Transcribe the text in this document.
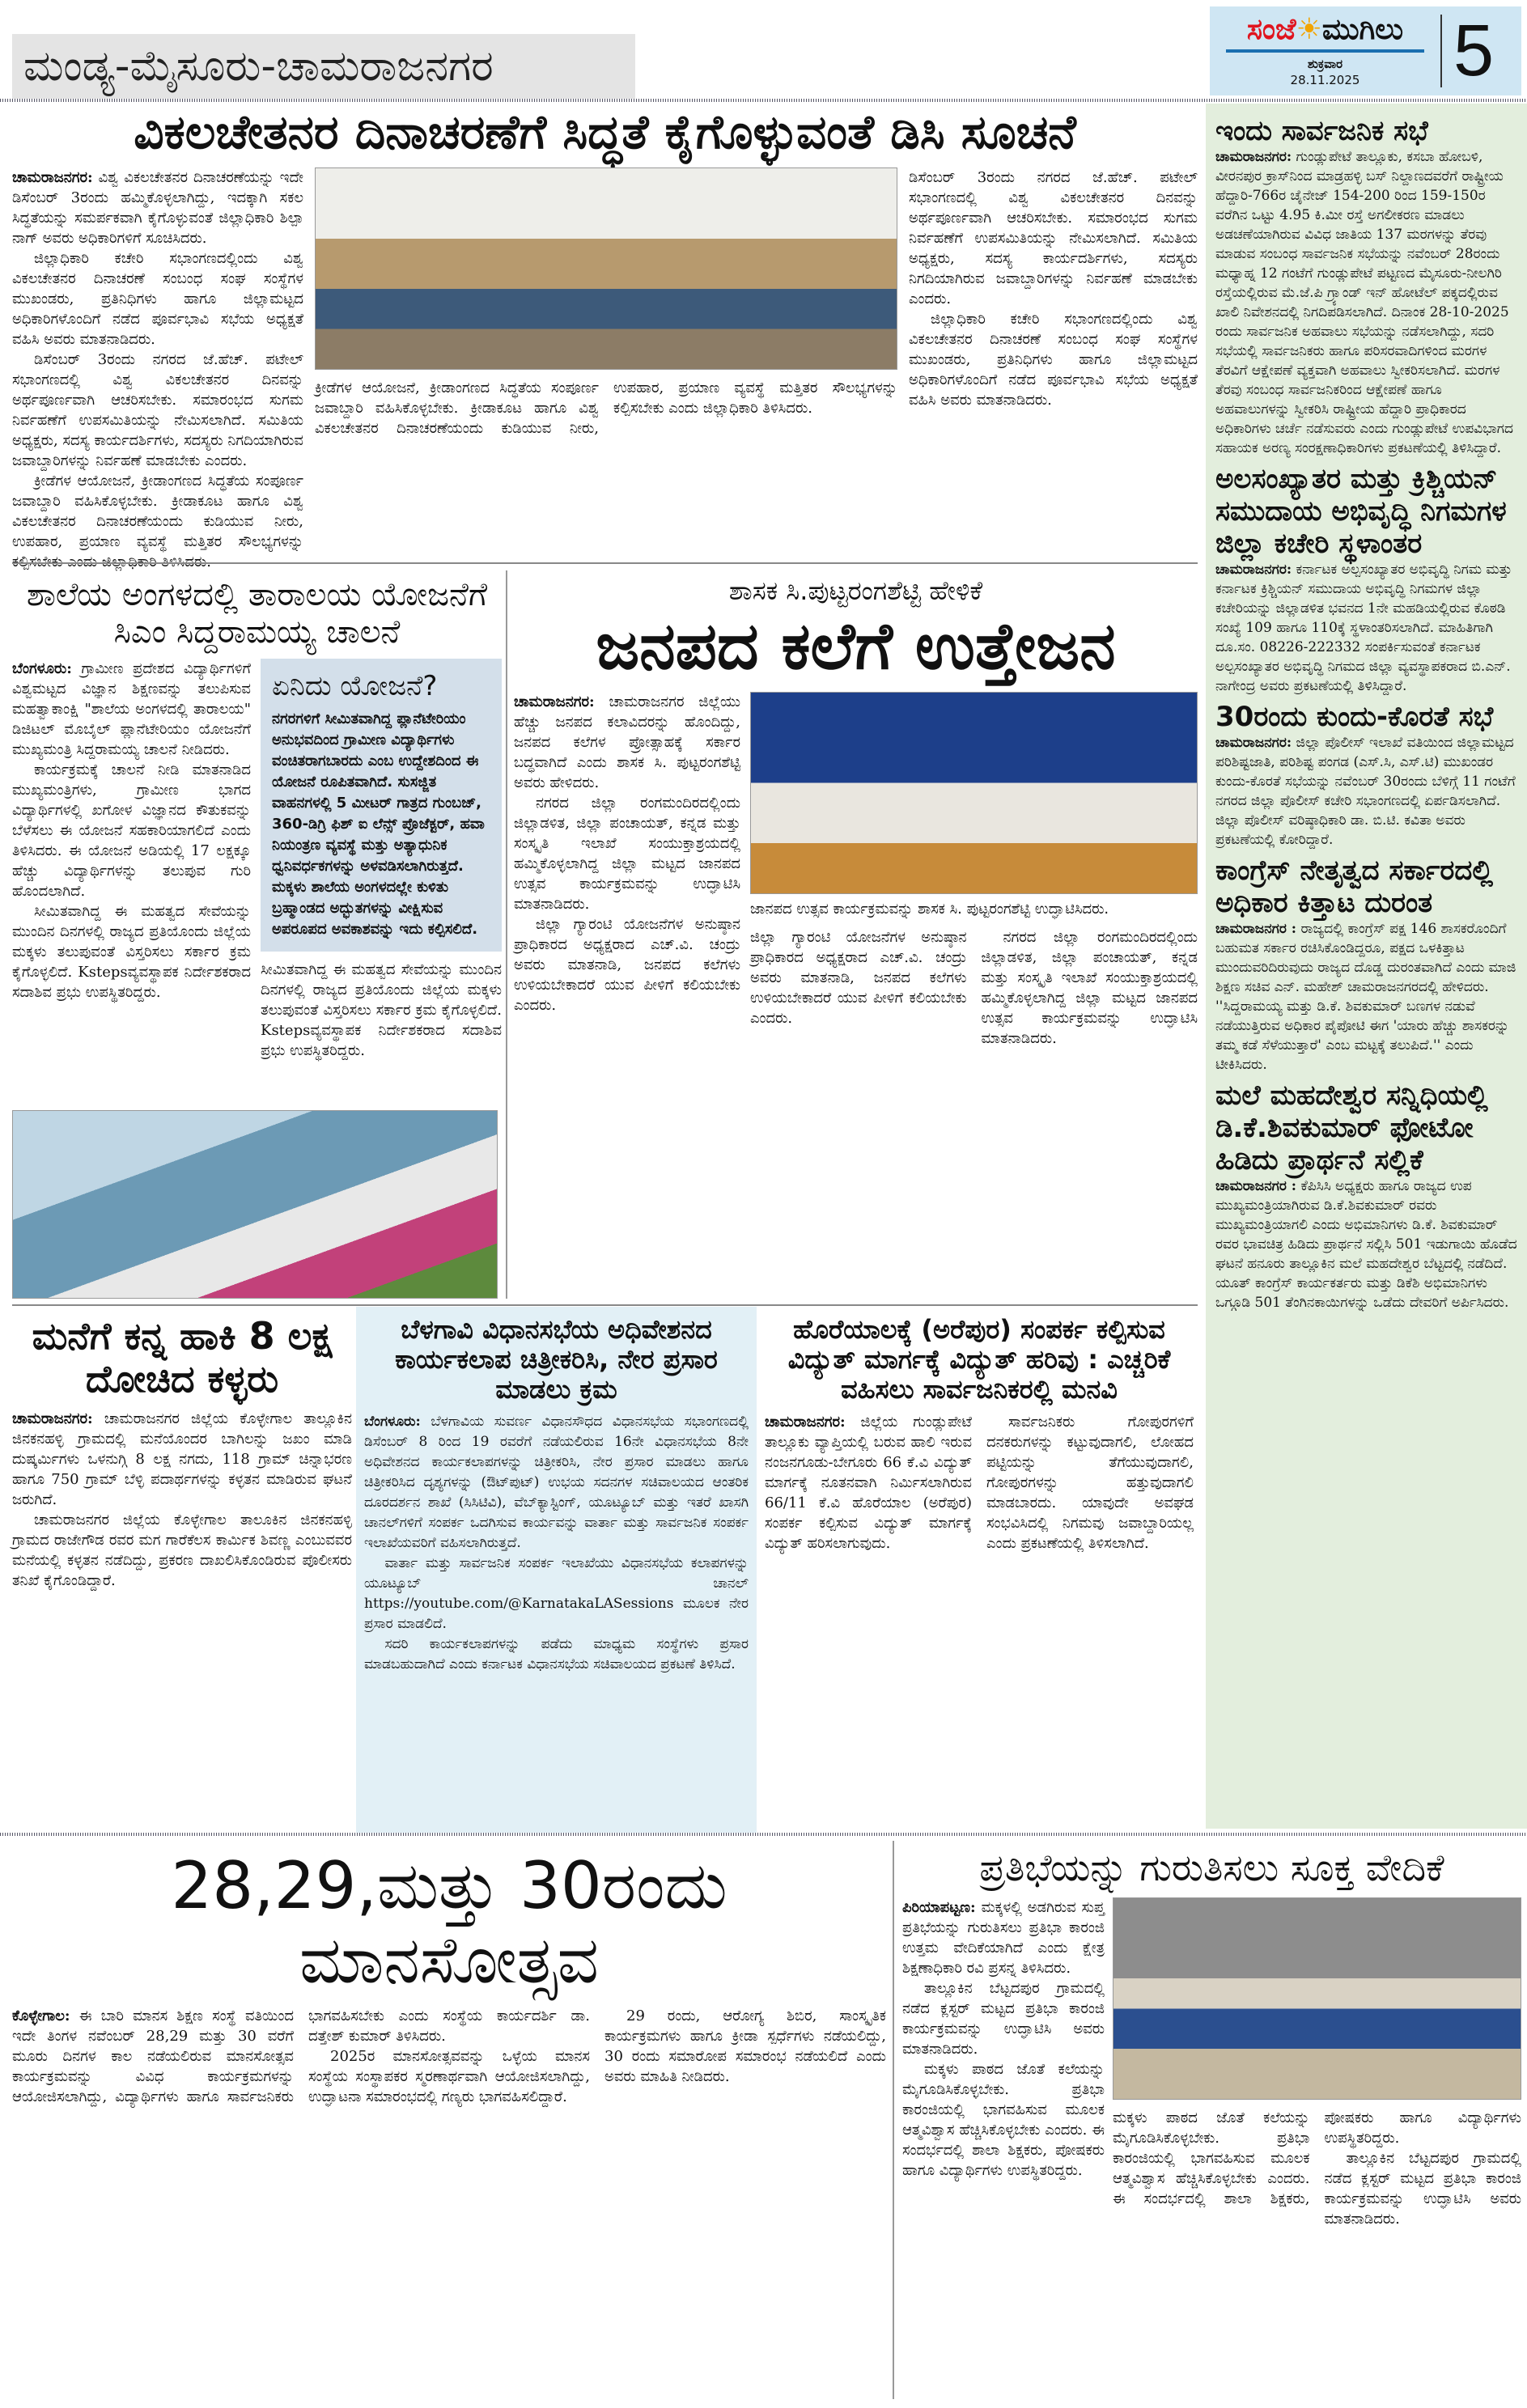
ಮಂಡ್ಯ-ಮೈಸೂರು-ಚಾಮರಾಜನಗರ
ಸಂಜೆ☀ಮುಗಿಲು
ಶುಕ್ರವಾರ
28.11.2025	5
ವಿಕಲಚೇತನರ ದಿನಾಚರಣೆಗೆ ಸಿದ್ಧತೆ ಕೈಗೊಳ್ಳುವಂತೆ ಡಿಸಿ ಸೂಚನೆ

ಚಾಮರಾಜನಗರ: ವಿಶ್ವ ವಿಕಲಚೇತನರ ದಿನಾಚರಣೆಯನ್ನು ಇದೇ ಡಿಸೆಂಬರ್ 3ರಂದು ಹಮ್ಮಿಕೊಳ್ಳಲಾಗಿದ್ದು, ಇದಕ್ಕಾಗಿ ಸಕಲ ಸಿದ್ಧತೆಯನ್ನು ಸಮರ್ಪಕವಾಗಿ ಕೈಗೊಳ್ಳುವಂತೆ ಜಿಲ್ಲಾಧಿಕಾರಿ ಶಿಲ್ಪಾ ನಾಗ್ ಅವರು ಅಧಿಕಾರಿಗಳಿಗೆ ಸೂಚಿಸಿದರು.

ಜಿಲ್ಲಾಧಿಕಾರಿ ಕಚೇರಿ ಸಭಾಂಗಣದಲ್ಲಿಂದು ವಿಶ್ವ ವಿಕಲಚೇತನರ ದಿನಾಚರಣೆ ಸಂಬಂಧ ಸಂಘ ಸಂಸ್ಥೆಗಳ ಮುಖಂಡರು, ಪ್ರತಿನಿಧಿಗಳು ಹಾಗೂ ಜಿಲ್ಲಾಮಟ್ಟದ ಅಧಿಕಾರಿಗಳೊಂದಿಗೆ ನಡೆದ ಪೂರ್ವಭಾವಿ ಸಭೆಯ ಅಧ್ಯಕ್ಷತೆ ವಹಿಸಿ ಅವರು ಮಾತನಾಡಿದರು.

ಡಿಸೆಂಬರ್ 3ರಂದು ನಗರದ ಜೆ.ಹೆಚ್. ಪಟೇಲ್ ಸಭಾಂಗಣದಲ್ಲಿ ವಿಶ್ವ ವಿಕಲಚೇತನರ ದಿನವನ್ನು ಅರ್ಥಪೂರ್ಣವಾಗಿ ಆಚರಿಸಬೇಕು. ಸಮಾರಂಭದ ಸುಗಮ ನಿರ್ವಹಣೆಗೆ ಉಪಸಮಿತಿಯನ್ನು ನೇಮಿಸಲಾಗಿದೆ. ಸಮಿತಿಯ ಅಧ್ಯಕ್ಷರು, ಸದಸ್ಯ ಕಾರ್ಯದರ್ಶಿಗಳು, ಸದಸ್ಯರು ನಿಗದಿಯಾಗಿರುವ ಜವಾಬ್ದಾರಿಗಳನ್ನು ನಿರ್ವಹಣೆ ಮಾಡಬೇಕು ಎಂದರು.

ಕ್ರೀಡೆಗಳ ಆಯೋಜನೆ, ಕ್ರೀಡಾಂಗಣದ ಸಿದ್ಧತೆಯ ಸಂಪೂರ್ಣ ಜವಾಬ್ದಾರಿ ವಹಿಸಿಕೊಳ್ಳಬೇಕು. ಕ್ರೀಡಾಕೂಟ ಹಾಗೂ ವಿಶ್ವ ವಿಕಲಚೇತನರ ದಿನಾಚರಣೆಯಂದು ಕುಡಿಯುವ ನೀರು, ಉಪಹಾರ, ಪ್ರಯಾಣ ವ್ಯವಸ್ಥೆ ಮತ್ತಿತರ ಸೌಲಭ್ಯಗಳನ್ನು

ಕ್ರೀಡೆಗಳ ಆಯೋಜನೆ, ಕ್ರೀಡಾಂಗಣದ ಸಿದ್ಧತೆಯ ಸಂಪೂರ್ಣ ಜವಾಬ್ದಾರಿ ವಹಿಸಿಕೊಳ್ಳಬೇಕು. ಕ್ರೀಡಾಕೂಟ ಹಾಗೂ ವಿಶ್ವ ವಿಕಲಚೇತನರ ದಿನಾಚರಣೆಯಂದು ಕುಡಿಯುವ ನೀರು, ಉಪಹಾರ, ಪ್ರಯಾಣ ವ್ಯವಸ್ಥೆ ಮತ್ತಿತರ ಸೌಲಭ್ಯಗಳನ್ನು ಕಲ್ಪಿಸಬೇಕು ಎಂದು ಜಿಲ್ಲಾಧಿಕಾರಿ ತಿಳಿಸಿದರು.

ಡಿಸೆಂಬರ್ 3ರಂದು ನಗರದ ಜೆ.ಹೆಚ್. ಪಟೇಲ್ ಸಭಾಂಗಣದಲ್ಲಿ ವಿಶ್ವ ವಿಕಲಚೇತನರ ದಿನವನ್ನು ಅರ್ಥಪೂರ್ಣವಾಗಿ ಆಚರಿಸಬೇಕು. ಸಮಾರಂಭದ ಸುಗಮ ನಿರ್ವಹಣೆಗೆ ಉಪಸಮಿತಿಯನ್ನು ನೇಮಿಸಲಾಗಿದೆ. ಸಮಿತಿಯ ಅಧ್ಯಕ್ಷರು, ಸದಸ್ಯ ಕಾರ್ಯದರ್ಶಿಗಳು, ಸದಸ್ಯರು ನಿಗದಿಯಾಗಿರುವ ಜವಾಬ್ದಾರಿಗಳನ್ನು ನಿರ್ವಹಣೆ ಮಾಡಬೇಕು ಎಂದರು.

ಜಿಲ್ಲಾಧಿಕಾರಿ ಕಚೇರಿ ಸಭಾಂಗಣದಲ್ಲಿಂದು ವಿಶ್ವ ವಿಕಲಚೇತನರ ದಿನಾಚರಣೆ ಸಂಬಂಧ ಸಂಘ ಸಂಸ್ಥೆಗಳ ಮುಖಂಡರು, ಪ್ರತಿನಿಧಿಗಳು ಹಾಗೂ ಜಿಲ್ಲಾಮಟ್ಟದ ಅಧಿಕಾರಿಗಳೊಂದಿಗೆ ನಡೆದ ಪೂರ್ವಭಾವಿ ಸಭೆಯ ಅಧ್ಯಕ್ಷತೆ ವಹಿಸಿ ಅವರು ಮಾತನಾಡಿದರು.

ಇಂದು ಸಾರ್ವಜನಿಕ ಸಭೆ
ಚಾಮರಾಜನಗರ: ಗುಂಡ್ಲುಪೇಟೆ ತಾಲ್ಲೂಕು, ಕಸಬಾ ಹೋಬಳಿ, ವೀರನಪುರ ಕ್ರಾಸ್‌ನಿಂದ ಮಾಡ್ರಹಳ್ಳಿ ಬಸ್ ನಿಲ್ದಾಣದವರೆಗೆ ರಾಷ್ಟ್ರೀಯ ಹೆದ್ದಾರಿ-766ರ ಚೈನೇಜ್ 154-200 ರಿಂದ 159-150ರ ವರೆಗಿನ ಒಟ್ಟು 4.95 ಕಿ.ಮೀ ರಸ್ತೆ ಅಗಲೀಕರಣ ಮಾಡಲು ಅಡಚಣೆಯಾಗಿರುವ ವಿವಿಧ ಜಾತಿಯ 137 ಮರಗಳನ್ನು ತೆರವು ಮಾಡುವ ಸಂಬಂಧ ಸಾರ್ವಜನಿಕ ಸಭೆಯನ್ನು ನವೆಂಬರ್ 28ರಂದು ಮಧ್ಯಾಹ್ನ 12 ಗಂಟೆಗೆ ಗುಂಡ್ಲುಪೇಟೆ ಪಟ್ಟಣದ ಮೈಸೂರು-ನೀಲಗಿರಿ ರಸ್ತೆಯಲ್ಲಿರುವ ಮೆ.ಜೆ.ಪಿ ಗ್ರ್ಯಾಂಡ್ ಇನ್ ಹೋಟೆಲ್ ಪಕ್ಕದಲ್ಲಿರುವ ಖಾಲಿ ನಿವೇಶನದಲ್ಲಿ ನಿಗದಿಪಡಿಸಲಾಗಿದೆ. ದಿನಾಂಕ 28-10-2025 ರಂದು ಸಾರ್ವಜನಿಕ ಅಹವಾಲು ಸಭೆಯನ್ನು ನಡೆಸಲಾಗಿದ್ದು, ಸದರಿ ಸಭೆಯಲ್ಲಿ ಸಾರ್ವಜನಿಕರು ಹಾಗೂ ಪರಿಸರವಾದಿಗಳಿಂದ ಮರಗಳ ತೆರವಿಗೆ ಆಕ್ಷೇಪಣೆ ವ್ಯಕ್ತವಾಗಿ ಅಹವಾಲು ಸ್ವೀಕರಿಸಲಾಗಿದೆ. ಮರಗಳ ತೆರವು ಸಂಬಂಧ ಸಾರ್ವಜನಿಕರಿಂದ ಆಕ್ಷೇಪಣೆ ಹಾಗೂ ಅಹವಾಲುಗಳನ್ನು ಸ್ವೀಕರಿಸಿ ರಾಷ್ಟ್ರೀಯ ಹೆದ್ದಾರಿ ಪ್ರಾಧಿಕಾರದ ಅಧಿಕಾರಿಗಳು ಚರ್ಚೆ ನಡೆಸುವರು ಎಂದು ಗುಂಡ್ಲುಪೇಟೆ ಉಪವಿಭಾಗದ ಸಹಾಯಕ ಅರಣ್ಯ ಸಂರಕ್ಷಣಾಧಿಕಾರಿಗಳು ಪ್ರಕಟಣೆಯಲ್ಲಿ ತಿಳಿಸಿದ್ದಾರೆ.
ಅಲಸಂಖ್ಯಾತರ ಮತ್ತು ಕ್ರಿಶ್ಚಿಯನ್ ಸಮುದಾಯ ಅಭಿವೃದ್ಧಿ ನಿಗಮಗಳ ಜಿಲ್ಲಾ ಕಚೇರಿ ಸ್ಥಳಾಂತರ
ಚಾಮರಾಜನಗರ: ಕರ್ನಾಟಕ ಅಲ್ಪಸಂಖ್ಯಾತರ ಅಭಿವೃದ್ಧಿ ನಿಗಮ ಮತ್ತು ಕರ್ನಾಟಕ ಕ್ರಿಶ್ಚಿಯನ್ ಸಮುದಾಯ ಅಭಿವೃದ್ಧಿ ನಿಗಮಗಳ ಜಿಲ್ಲಾ ಕಚೇರಿಯನ್ನು ಜಿಲ್ಲಾಡಳಿತ ಭವನದ 1ನೇ ಮಹಡಿಯಲ್ಲಿರುವ ಕೊಠಡಿ ಸಂಖ್ಯೆ 109 ಹಾಗೂ 110ಕ್ಕೆ ಸ್ಥಳಾಂತರಿಸಲಾಗಿದೆ. ಮಾಹಿತಿಗಾಗಿ ದೂ.ಸಂ. 08226-222332 ಸಂಪರ್ಕಿಸುವಂತೆ ಕರ್ನಾಟಕ ಅಲ್ಪಸಂಖ್ಯಾತರ ಅಭಿವೃದ್ಧಿ ನಿಗಮದ ಜಿಲ್ಲಾ ವ್ಯವಸ್ಥಾಪಕರಾದ ಬಿ.ಎನ್. ನಾಗೇಂದ್ರ ಅವರು ಪ್ರಕಟಣೆಯಲ್ಲಿ ತಿಳಿಸಿದ್ದಾರೆ.
30ರಂದು ಕುಂದು-ಕೊರತೆ ಸಭೆ
ಚಾಮರಾಜನಗರ: ಜಿಲ್ಲಾ ಪೊಲೀಸ್ ಇಲಾಖೆ ವತಿಯಿಂದ ಜಿಲ್ಲಾಮಟ್ಟದ ಪರಿಶಿಷ್ಟಜಾತಿ, ಪರಿಶಿಷ್ಟ ಪಂಗಡ (ಎಸ್.ಸಿ, ಎಸ್.ಟಿ) ಮುಖಂಡರ ಕುಂದು-ಕೊರತೆ ಸಭೆಯನ್ನು ನವೆಂಬರ್ 30ರಂದು ಬೆಳಿಗ್ಗೆ 11 ಗಂಟೆಗೆ ನಗರದ ಜಿಲ್ಲಾ ಪೊಲೀಸ್ ಕಚೇರಿ ಸಭಾಂಗಣದಲ್ಲಿ ಏರ್ಪಡಿಸಲಾಗಿದೆ. ಜಿಲ್ಲಾ ಪೊಲೀಸ್ ವರಿಷ್ಠಾಧಿಕಾರಿ ಡಾ. ಬಿ.ಟಿ. ಕವಿತಾ ಅವರು ಪ್ರಕಟಣೆಯಲ್ಲಿ ಕೋರಿದ್ದಾರೆ.
ಕಾಂಗ್ರೆಸ್ ನೇತೃತ್ವದ ಸರ್ಕಾರದಲ್ಲಿ ಅಧಿಕಾರ ಕಿತ್ತಾಟ ದುರಂತ
ಚಾಮರಾಜನಗರ : ರಾಜ್ಯದಲ್ಲಿ ಕಾಂಗ್ರೆಸ್ ಪಕ್ಷ 146 ಶಾಸಕರೊಂದಿಗೆ ಬಹುಮತ ಸರ್ಕಾರ ರಚಿಸಿಕೊಂಡಿದ್ದರೂ, ಪಕ್ಷದ ಒಳಕಿತ್ತಾಟ ಮುಂದುವರಿದಿರುವುದು ರಾಜ್ಯದ ದೊಡ್ಡ ದುರಂತವಾಗಿದೆ ಎಂದು ಮಾಜಿ ಶಿಕ್ಷಣ ಸಚಿವ ಎನ್. ಮಹೇಶ್ ಚಾಮರಾಜನಗರದಲ್ಲಿ ಹೇಳಿದರು. ''ಸಿದ್ದರಾಮಯ್ಯ ಮತ್ತು ಡಿ.ಕೆ. ಶಿವಕುಮಾರ್ ಬಣಗಳ ನಡುವೆ ನಡೆಯುತ್ತಿರುವ ಅಧಿಕಾರ ಪೈಪೋಟಿ ಈಗ 'ಯಾರು ಹೆಚ್ಚು ಶಾಸಕರನ್ನು ತಮ್ಮ ಕಡೆ ಸೆಳೆಯುತ್ತಾರೆ' ಎಂಬ ಮಟ್ಟಕ್ಕೆ ತಲುಪಿದೆ.'' ಎಂದು ಟೀಕಿಸಿದರು.
ಮಲೆ ಮಹದೇಶ್ವರ ಸನ್ನಿಧಿಯಲ್ಲಿ ಡಿ.ಕೆ.ಶಿವಕುಮಾರ್ ಫೋಟೋ ಹಿಡಿದು ಪ್ರಾರ್ಥನೆ ಸಲ್ಲಿಕೆ
ಚಾಮರಾಜನಗರ : ಕೆಪಿಸಿಸಿ ಅಧ್ಯಕ್ಷರು ಹಾಗೂ ರಾಜ್ಯದ ಉಪ ಮುಖ್ಯಮಂತ್ರಿಯಾಗಿರುವ ಡಿ.ಕೆ.ಶಿವಕುಮಾರ್ ರವರು ಮುಖ್ಯಮಂತ್ರಿಯಾಗಲಿ ಎಂದು ಅಭಿಮಾನಿಗಳು ಡಿ.ಕೆ. ಶಿವಕುಮಾರ್ ರವರ ಭಾವಚಿತ್ರ ಹಿಡಿದು ಪ್ರಾರ್ಥನೆ ಸಲ್ಲಿಸಿ 501 ಇಡುಗಾಯಿ ಹೊಡೆದ ಘಟನೆ ಹನೂರು ತಾಲ್ಲೂಕಿನ ಮಲೆ ಮಹದೇಶ್ವರ ಬೆಟ್ಟದಲ್ಲಿ ನಡೆದಿದೆ. ಯೂತ್ ಕಾಂಗ್ರೆಸ್ ಕಾರ್ಯಕರ್ತರು ಮತ್ತು ಡಿಕೆಶಿ ಅಭಿಮಾನಿಗಳು ಒಗ್ಗೂಡಿ 501 ತೆಂಗಿನಕಾಯಿಗಳನ್ನು ಒಡೆದು ದೇವರಿಗೆ ಅರ್ಪಿಸಿದರು.
ಶಾಲೆಯ ಅಂಗಳದಲ್ಲಿ ತಾರಾಲಯ ಯೋಜನೆಗೆ ಸಿಎಂ ಸಿದ್ದರಾಮಯ್ಯ ಚಾಲನೆ

ಬೆಂಗಳೂರು: ಗ್ರಾಮೀಣ ಪ್ರದೇಶದ ವಿದ್ಯಾರ್ಥಿಗಳಿಗೆ ವಿಶ್ವಮಟ್ಟದ ವಿಜ್ಞಾನ ಶಿಕ್ಷಣವನ್ನು ತಲುಪಿಸುವ ಮಹತ್ವಾಕಾಂಕ್ಷಿ "ಶಾಲೆಯ ಅಂಗಳದಲ್ಲಿ ತಾರಾಲಯ" ಡಿಜಿಟಲ್ ಮೊಬೈಲ್ ಪ್ಲಾನೆಟೇರಿಯಂ ಯೋಜನೆಗೆ ಮುಖ್ಯಮಂತ್ರಿ ಸಿದ್ದರಾಮಯ್ಯ ಚಾಲನೆ ನೀಡಿದರು.

ಕಾರ್ಯಕ್ರಮಕ್ಕೆ ಚಾಲನೆ ನೀಡಿ ಮಾತನಾಡಿದ ಮುಖ್ಯಮಂತ್ರಿಗಳು, ಗ್ರಾಮೀಣ ಭಾಗದ ವಿದ್ಯಾರ್ಥಿಗಳಲ್ಲಿ ಖಗೋಳ ವಿಜ್ಞಾನದ ಕೌತುಕವನ್ನು ಬೆಳೆಸಲು ಈ ಯೋಜನೆ ಸಹಕಾರಿಯಾಗಲಿದೆ ಎಂದು ತಿಳಿಸಿದರು. ಈ ಯೋಜನೆ ಅಡಿಯಲ್ಲಿ 17 ಲಕ್ಷಕ್ಕೂ ಹೆಚ್ಚು ವಿದ್ಯಾರ್ಥಿಗಳನ್ನು ತಲುಪುವ ಗುರಿ ಹೊಂದಲಾಗಿದೆ.

ಸೀಮಿತವಾಗಿದ್ದ ಈ ಮಹತ್ವದ ಸೇವೆಯನ್ನು ಮುಂದಿನ ದಿನಗಳಲ್ಲಿ ರಾಜ್ಯದ ಪ್ರತಿಯೊಂದು ಜಿಲ್ಲೆಯ ಮಕ್ಕಳು ತಲುಪುವಂತೆ ವಿಸ್ತರಿಸಲು ಸರ್ಕಾರ ಕ್ರಮ ಕೈಗೊಳ್ಳಲಿದೆ. Kstepsವ್ಯವಸ್ಥಾಪಕ ನಿರ್ದೇಶಕರಾದ ಸದಾಶಿವ ಪ್ರಭು ಉಪಸ್ಥಿತರಿದ್ದರು.

ಏನಿದು ಯೋಜನೆ?
ನಗರಗಳಿಗೆ ಸೀಮಿತವಾಗಿದ್ದ ಪ್ಲಾನೆಟೇರಿಯಂ ಅನುಭವದಿಂದ ಗ್ರಾಮೀಣ ವಿದ್ಯಾರ್ಥಿಗಳು ವಂಚಿತರಾಗಬಾರದು ಎಂಬ ಉದ್ದೇಶದಿಂದ ಈ ಯೋಜನೆ ರೂಪಿತವಾಗಿದೆ. ಸುಸಜ್ಜಿತ ವಾಹನಗಳಲ್ಲಿ 5 ಮೀಟರ್ ಗಾತ್ರದ ಗುಂಬಜ್, 360-ಡಿಗ್ರಿ ಫಿಶ್ ಐ ಲೆನ್ಸ್ ಪ್ರೊಜೆಕ್ಟರ್, ಹವಾ ನಿಯಂತ್ರಣ ವ್ಯವಸ್ಥೆ ಮತ್ತು ಅತ್ಯಾಧುನಿಕ ಧ್ವನಿವರ್ಧಕಗಳನ್ನು ಅಳವಡಿಸಲಾಗಿರುತ್ತದೆ. ಮಕ್ಕಳು ಶಾಲೆಯ ಅಂಗಳದಲ್ಲೇ ಕುಳಿತು ಬ್ರಹ್ಮಾಂಡದ ಅದ್ಭುತಗಳನ್ನು ವೀಕ್ಷಿಸುವ ಅಪರೂಪದ ಅವಕಾಶವನ್ನು ಇದು ಕಲ್ಪಿಸಲಿದೆ.

ಸೀಮಿತವಾಗಿದ್ದ ಈ ಮಹತ್ವದ ಸೇವೆಯನ್ನು ಮುಂದಿನ ದಿನಗಳಲ್ಲಿ ರಾಜ್ಯದ ಪ್ರತಿಯೊಂದು ಜಿಲ್ಲೆಯ ಮಕ್ಕಳು ತಲುಪುವಂತೆ ವಿಸ್ತರಿಸಲು ಸರ್ಕಾರ ಕ್ರಮ ಕೈಗೊಳ್ಳಲಿದೆ. Kstepsವ್ಯವಸ್ಥಾಪಕ ನಿರ್ದೇಶಕರಾದ ಸದಾಶಿವ ಪ್ರಭು ಉಪಸ್ಥಿತರಿದ್ದರು.

ಶಾಸಕ ಸಿ.ಪುಟ್ಟರಂಗಶೆಟ್ಟಿ ಹೇಳಿಕೆ
ಜನಪದ ಕಲೆಗೆ ಉತ್ತೇಜನ

ಚಾಮರಾಜನಗರ: ಚಾಮರಾಜನಗರ ಜಿಲ್ಲೆಯು ಹೆಚ್ಚು ಜನಪದ ಕಲಾವಿದರನ್ನು ಹೊಂದಿದ್ದು, ಜನಪದ ಕಲೆಗಳ ಪ್ರೋತ್ಸಾಹಕ್ಕೆ ಸರ್ಕಾರ ಬದ್ಧವಾಗಿದೆ ಎಂದು ಶಾಸಕ ಸಿ. ಪುಟ್ಟರಂಗಶೆಟ್ಟಿ ಅವರು ಹೇಳಿದರು.

ನಗರದ ಜಿಲ್ಲಾ ರಂಗಮಂದಿರದಲ್ಲಿಂದು ಜಿಲ್ಲಾಡಳಿತ, ಜಿಲ್ಲಾ ಪಂಚಾಯತ್, ಕನ್ನಡ ಮತ್ತು ಸಂಸ್ಕೃತಿ ಇಲಾಖೆ ಸಂಯುಕ್ತಾಶ್ರಯದಲ್ಲಿ ಹಮ್ಮಿಕೊಳ್ಳಲಾಗಿದ್ದ ಜಿಲ್ಲಾ ಮಟ್ಟದ ಜಾನಪದ ಉತ್ಸವ ಕಾರ್ಯಕ್ರಮವನ್ನು ಉದ್ಘಾಟಿಸಿ ಮಾತನಾಡಿದರು.

ಜಿಲ್ಲಾ ಗ್ಯಾರಂಟಿ ಯೋಜನೆಗಳ ಅನುಷ್ಠಾನ ಪ್ರಾಧಿಕಾರದ ಅಧ್ಯಕ್ಷರಾದ ಎಚ್.ವಿ. ಚಂದ್ರು ಅವರು ಮಾತನಾಡಿ, ಜನಪದ ಕಲೆಗಳು ಉಳಿಯಬೇಕಾದರೆ ಯುವ ಪೀಳಿಗೆ ಕಲಿಯಬೇಕು ಎಂದರು.

ಜಾನಪದ ಉತ್ಸವ ಕಾರ್ಯಕ್ರಮವನ್ನು ಶಾಸಕ ಸಿ. ಪುಟ್ಟರಂಗಶೆಟ್ಟಿ ಉದ್ಘಾಟಿಸಿದರು.

ಜಿಲ್ಲಾ ಗ್ಯಾರಂಟಿ ಯೋಜನೆಗಳ ಅನುಷ್ಠಾನ ಪ್ರಾಧಿಕಾರದ ಅಧ್ಯಕ್ಷರಾದ ಎಚ್.ವಿ. ಚಂದ್ರು ಅವರು ಮಾತನಾಡಿ, ಜನಪದ ಕಲೆಗಳು ಉಳಿಯಬೇಕಾದರೆ ಯುವ ಪೀಳಿಗೆ ಕಲಿಯಬೇಕು ಎಂದರು.

ನಗರದ ಜಿಲ್ಲಾ ರಂಗಮಂದಿರದಲ್ಲಿಂದು ಜಿಲ್ಲಾಡಳಿತ, ಜಿಲ್ಲಾ ಪಂಚಾಯತ್, ಕನ್ನಡ ಮತ್ತು ಸಂಸ್ಕೃತಿ ಇಲಾಖೆ ಸಂಯುಕ್ತಾಶ್ರಯದಲ್ಲಿ ಹಮ್ಮಿಕೊಳ್ಳಲಾಗಿದ್ದ ಜಿಲ್ಲಾ ಮಟ್ಟದ ಜಾನಪದ ಉತ್ಸವ ಕಾರ್ಯಕ್ರಮವನ್ನು ಉದ್ಘಾಟಿಸಿ ಮಾತನಾಡಿದರು.

ಮನೆಗೆ ಕನ್ನ ಹಾಕಿ 8 ಲಕ್ಷ ದೋಚಿದ ಕಳ್ಳರು

ಚಾಮರಾಜನಗರ: ಚಾಮರಾಜನಗರ ಜಿಲ್ಲೆಯ ಕೊಳ್ಳೇಗಾಲ ತಾಲ್ಲೂಕಿನ ಜಿನಕನಹಳ್ಳಿ ಗ್ರಾಮದಲ್ಲಿ ಮನೆಯೊಂದರ ಬಾಗಿಲನ್ನು ಜಖಂ ಮಾಡಿ ದುಷ್ಕರ್ಮಿಗಳು ಒಳನುಗ್ಗಿ 8 ಲಕ್ಷ ನಗದು, 118 ಗ್ರಾಮ್ ಚಿನ್ನಾಭರಣ ಹಾಗೂ 750 ಗ್ರಾಮ್ ಬೆಳ್ಳಿ ಪದಾರ್ಥಗಳನ್ನು ಕಳ್ಳತನ ಮಾಡಿರುವ ಘಟನೆ ಜರುಗಿದೆ.

ಚಾಮರಾಜನಗರ ಜಿಲ್ಲೆಯ ಕೊಳ್ಳೇಗಾಲ ತಾಲೂಕಿನ ಜಿನಕನಹಳ್ಳಿ ಗ್ರಾಮದ ರಾಜೇಗೌಡ ರವರ ಮಗ ಗಾರೆಕೆಲಸ ಕಾರ್ಮಿಕ ಶಿವಣ್ಣ ಎಂಬುವವರ ಮನೆಯಲ್ಲಿ ಕಳ್ಳತನ ನಡೆದಿದ್ದು, ಪ್ರಕರಣ ದಾಖಲಿಸಿಕೊಂಡಿರುವ ಪೊಲೀಸರು ತನಿಖೆ ಕೈಗೊಂಡಿದ್ದಾರೆ.

ಬೆಳಗಾವಿ ವಿಧಾನಸಭೆಯ ಅಧಿವೇಶನದ ಕಾರ್ಯಕಲಾಪ ಚಿತ್ರೀಕರಿಸಿ, ನೇರ ಪ್ರಸಾರ ಮಾಡಲು ಕ್ರಮ

ಬೆಂಗಳೂರು: ಬೆಳಗಾವಿಯ ಸುವರ್ಣ ವಿಧಾನಸೌಧದ ವಿಧಾನಸಭೆಯ ಸಭಾಂಗಣದಲ್ಲಿ ಡಿಸೆಂಬರ್ 8 ರಿಂದ 19 ರವರೆಗೆ ನಡೆಯಲಿರುವ 16ನೇ ವಿಧಾನಸಭೆಯ 8ನೇ ಅಧಿವೇಶನದ ಕಾರ್ಯಕಲಾಪಗಳನ್ನು ಚಿತ್ರೀಕರಿಸಿ, ನೇರ ಪ್ರಸಾರ ಮಾಡಲು ಹಾಗೂ ಚಿತ್ರೀಕರಿಸಿದ ದೃಶ್ಯಗಳನ್ನು (ಔಟ್‌ಪುಟ್) ಉಭಯ ಸದನಗಳ ಸಚಿವಾಲಯದ ಆಂತರಿಕ ದೂರದರ್ಶನ ಶಾಖೆ (ಸಿಸಿಟಿವಿ), ವೆಬ್‌ಕ್ಯಾಸ್ಟಿಂಗ್, ಯೂಟ್ಯೂಬ್ ಮತ್ತು ಇತರೆ ಖಾಸಗಿ ಚಾನಲ್‌ಗಳಿಗೆ ಸಂಪರ್ಕ ಒದಗಿಸುವ ಕಾರ್ಯವನ್ನು ವಾರ್ತಾ ಮತ್ತು ಸಾರ್ವಜನಿಕ ಸಂಪರ್ಕ ಇಲಾಖೆಯವರಿಗೆ ವಹಿಸಲಾಗಿರುತ್ತದೆ.

ವಾರ್ತಾ ಮತ್ತು ಸಾರ್ವಜನಿಕ ಸಂಪರ್ಕ ಇಲಾಖೆಯು ವಿಧಾನಸಭೆಯ ಕಲಾಪಗಳನ್ನು ಯೂಟ್ಯೂಬ್ ಚಾನಲ್ https://youtube.com/@KarnatakaLASessions ಮೂಲಕ ನೇರ ಪ್ರಸಾರ ಮಾಡಲಿದೆ.

ಸದರಿ ಕಾರ್ಯಕಲಾಪಗಳನ್ನು ಪಡೆದು ಮಾಧ್ಯಮ ಸಂಸ್ಥೆಗಳು ಪ್ರಸಾರ ಮಾಡಬಹುದಾಗಿದೆ ಎಂದು ಕರ್ನಾಟಕ ವಿಧಾನಸಭೆಯ ಸಚಿವಾಲಯದ ಪ್ರಕಟಣೆ ತಿಳಿಸಿದೆ.

ಹೊರೆಯಾಲಕ್ಕೆ (ಅರೆಪುರ) ಸಂಪರ್ಕ ಕಲ್ಪಿಸುವ ವಿದ್ಯುತ್ ಮಾರ್ಗಕ್ಕೆ ವಿದ್ಯುತ್ ಹರಿವು : ಎಚ್ಚರಿಕೆ ವಹಿಸಲು ಸಾರ್ವಜನಿಕರಲ್ಲಿ ಮನವಿ

ಚಾಮರಾಜನಗರ: ಜಿಲ್ಲೆಯ ಗುಂಡ್ಲುಪೇಟೆ ತಾಲ್ಲೂಕು ವ್ಯಾಪ್ತಿಯಲ್ಲಿ ಬರುವ ಹಾಲಿ ಇರುವ ನಂಜನಗೂಡು-ಬೇಗೂರು 66 ಕೆ.ವಿ ವಿದ್ಯುತ್ ಮಾರ್ಗಕ್ಕೆ ನೂತನವಾಗಿ ನಿರ್ಮಿಸಲಾಗಿರುವ 66/11 ಕೆ.ವಿ ಹೊರೆಯಾಲ (ಅರೆಪುರ) ಸಂಪರ್ಕ ಕಲ್ಪಿಸುವ ವಿದ್ಯುತ್ ಮಾರ್ಗಕ್ಕೆ ವಿದ್ಯುತ್ ಹರಿಸಲಾಗುವುದು.

ಸಾರ್ವಜನಿಕರು ಗೋಪುರಗಳಿಗೆ ದನಕರುಗಳನ್ನು ಕಟ್ಟುವುದಾಗಲಿ, ಲೋಹದ ಪಟ್ಟಿಯನ್ನು ತೆಗೆಯುವುದಾಗಲಿ, ಗೋಪುರಗಳನ್ನು ಹತ್ತುವುದಾಗಲಿ ಮಾಡಬಾರದು. ಯಾವುದೇ ಅವಘಡ ಸಂಭವಿಸಿದಲ್ಲಿ ನಿಗಮವು ಜವಾಬ್ದಾರಿಯಲ್ಲ ಎಂದು ಪ್ರಕಟಣೆಯಲ್ಲಿ ತಿಳಿಸಲಾಗಿದೆ.

28,29,ಮತ್ತು 30ರಂದು ಮಾನಸೋತ್ಸವ

ಕೊಳ್ಳೇಗಾಲ: ಈ ಬಾರಿ ಮಾನಸ ಶಿಕ್ಷಣ ಸಂಸ್ಥೆ ವತಿಯಿಂದ ಇದೇ ತಿಂಗಳ ನವೆಂಬರ್ 28,29 ಮತ್ತು 30 ವರೆಗೆ ಮೂರು ದಿನಗಳ ಕಾಲ ನಡೆಯಲಿರುವ ಮಾನಸೋತ್ಸವ ಕಾರ್ಯಕ್ರಮವನ್ನು ವಿವಿಧ ಕಾರ್ಯಕ್ರಮಗಳನ್ನು ಆಯೋಜಿಸಲಾಗಿದ್ದು, ವಿದ್ಯಾರ್ಥಿಗಳು ಹಾಗೂ ಸಾರ್ವಜನಿಕರು ಭಾಗವಹಿಸಬೇಕು ಎಂದು ಸಂಸ್ಥೆಯ ಕಾರ್ಯದರ್ಶಿ ಡಾ. ದತ್ತೇಶ್ ಕುಮಾರ್ ತಿಳಿಸಿದರು.

2025ರ ಮಾನಸೋತ್ಸವವನ್ನು ಒಳ್ಳೆಯ ಮಾನಸ ಸಂಸ್ಥೆಯ ಸಂಸ್ಥಾಪಕರ ಸ್ಮರಣಾರ್ಥವಾಗಿ ಆಯೋಜಿಸಲಾಗಿದ್ದು, ಉದ್ಘಾಟನಾ ಸಮಾರಂಭದಲ್ಲಿ ಗಣ್ಯರು ಭಾಗವಹಿಸಲಿದ್ದಾರೆ.

29 ರಂದು, ಆರೋಗ್ಯ ಶಿಬಿರ, ಸಾಂಸ್ಕೃತಿಕ ಕಾರ್ಯಕ್ರಮಗಳು ಹಾಗೂ ಕ್ರೀಡಾ ಸ್ಪರ್ಧೆಗಳು ನಡೆಯಲಿದ್ದು, 30 ರಂದು ಸಮಾರೋಪ ಸಮಾರಂಭ ನಡೆಯಲಿದೆ ಎಂದು ಅವರು ಮಾಹಿತಿ ನೀಡಿದರು.

ಪ್ರತಿಭೆಯನ್ನು ಗುರುತಿಸಲು ಸೂಕ್ತ ವೇದಿಕೆ

ಪಿರಿಯಾಪಟ್ಟಣ: ಮಕ್ಕಳಲ್ಲಿ ಅಡಗಿರುವ ಸುಪ್ತ ಪ್ರತಿಭೆಯನ್ನು ಗುರುತಿಸಲು ಪ್ರತಿಭಾ ಕಾರಂಜಿ ಉತ್ತಮ ವೇದಿಕೆಯಾಗಿದೆ ಎಂದು ಕ್ಷೇತ್ರ ಶಿಕ್ಷಣಾಧಿಕಾರಿ ರವಿ ಪ್ರಸನ್ನ ತಿಳಿಸಿದರು.

ತಾಲ್ಲೂಕಿನ ಬೆಟ್ಟದಪುರ ಗ್ರಾಮದಲ್ಲಿ ನಡೆದ ಕ್ಲಸ್ಟರ್ ಮಟ್ಟದ ಪ್ರತಿಭಾ ಕಾರಂಜಿ ಕಾರ್ಯಕ್ರಮವನ್ನು ಉದ್ಘಾಟಿಸಿ ಅವರು ಮಾತನಾಡಿದರು.

ಮಕ್ಕಳು ಪಾಠದ ಜೊತೆ ಕಲೆಯನ್ನು ಮೈಗೂಡಿಸಿಕೊಳ್ಳಬೇಕು. ಪ್ರತಿಭಾ ಕಾರಂಜಿಯಲ್ಲಿ ಭಾಗವಹಿಸುವ ಮೂಲಕ ಆತ್ಮವಿಶ್ವಾಸ ಹೆಚ್ಚಿಸಿಕೊಳ್ಳಬೇಕು ಎಂದರು. ಈ ಸಂದರ್ಭದಲ್ಲಿ ಶಾಲಾ ಶಿಕ್ಷಕರು, ಪೋಷಕರು ಹಾಗೂ ವಿದ್ಯಾರ್ಥಿಗಳು ಉಪಸ್ಥಿತರಿದ್ದರು.

ಮಕ್ಕಳು ಪಾಠದ ಜೊತೆ ಕಲೆಯನ್ನು ಮೈಗೂಡಿಸಿಕೊಳ್ಳಬೇಕು. ಪ್ರತಿಭಾ ಕಾರಂಜಿಯಲ್ಲಿ ಭಾಗವಹಿಸುವ ಮೂಲಕ ಆತ್ಮವಿಶ್ವಾಸ ಹೆಚ್ಚಿಸಿಕೊಳ್ಳಬೇಕು ಎಂದರು. ಈ ಸಂದರ್ಭದಲ್ಲಿ ಶಾಲಾ ಶಿಕ್ಷಕರು, ಪೋಷಕರು ಹಾಗೂ ವಿದ್ಯಾರ್ಥಿಗಳು ಉಪಸ್ಥಿತರಿದ್ದರು.

ತಾಲ್ಲೂಕಿನ ಬೆಟ್ಟದಪುರ ಗ್ರಾಮದಲ್ಲಿ ನಡೆದ ಕ್ಲಸ್ಟರ್ ಮಟ್ಟದ ಪ್ರತಿಭಾ ಕಾರಂಜಿ ಕಾರ್ಯಕ್ರಮವನ್ನು ಉದ್ಘಾಟಿಸಿ ಅವರು ಮಾತನಾಡಿದರು.
